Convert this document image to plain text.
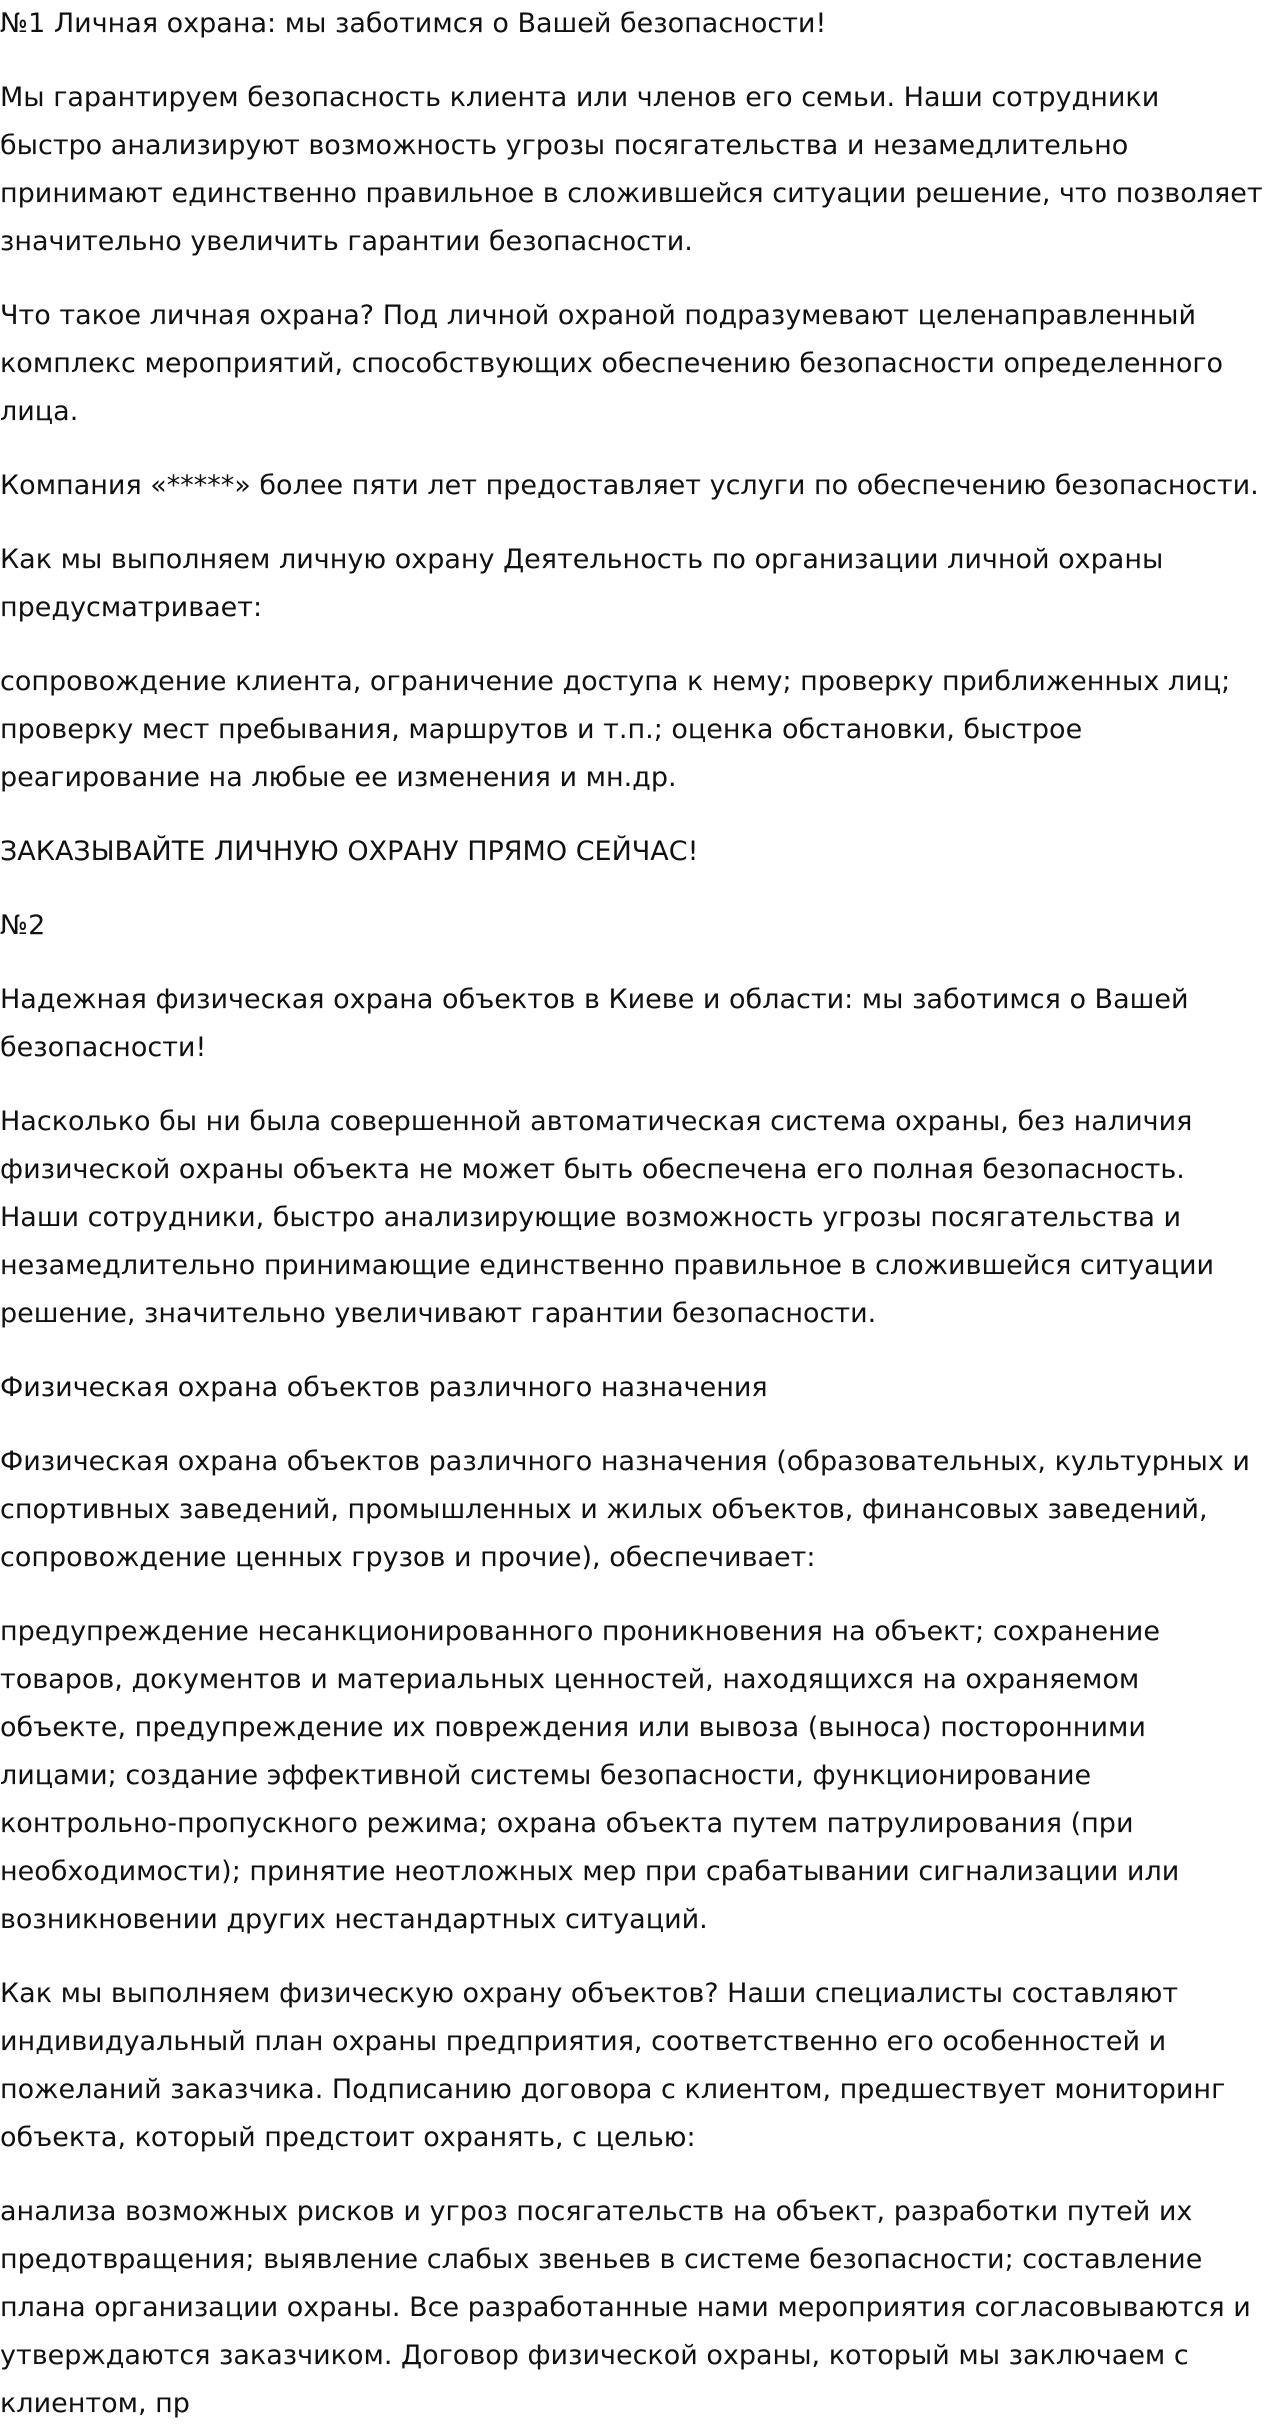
№1 Личная охрана: мы заботимся о Вашей безопасности!

Мы гарантируем безопасность клиента или членов его семьи. Наши сотрудники быстро анализируют возможность угрозы посягательства и незамедлительно принимают единственно правильное в сложившейся ситуации решение, что позволяет значительно увеличить гарантии безопасности.

Что такое личная охрана? Под личной охраной подразумевают целенаправленный комплекс мероприятий, способствующих обеспечению безопасности определенного лица.

Компания «*****» более пяти лет предоставляет услуги по обеспечению безопасности.

Как мы выполняем личную охрану Деятельность по организации личной охраны предусматривает:

сопровождение клиента, ограничение доступа к нему; проверку приближенных лиц; проверку мест пребывания, маршрутов и т.п.; оценка обстановки, быстрое реагирование на любые ее изменения и мн.др.

ЗАКАЗЫВАЙТЕ ЛИЧНУЮ ОХРАНУ ПРЯМО СЕЙЧАС!

№2

Надежная физическая охрана объектов в Киеве и области: мы заботимся о Вашей безопасности!

Насколько бы ни была совершенной автоматическая система охраны, без наличия физической охраны объекта не может быть обеспечена его полная безопасность. Наши сотрудники, быстро анализирующие возможность угрозы посягательства и незамедлительно принимающие единственно правильное в сложившейся ситуации решение, значительно увеличивают гарантии безопасности.

Физическая охрана объектов различного назначения

Физическая охрана объектов различного назначения (образовательных, культурных и спортивных заведений, промышленных и жилых объектов, финансовых заведений, сопровождение ценных грузов и прочие), обеспечивает:

предупреждение несанкционированного проникновения на объект; сохранение товаров, документов и материальных ценностей, находящихся на охраняемом объекте, предупреждение их повреждения или вывоза (выноса) посторонними лицами; создание эффективной системы безопасности, функционирование контрольно-пропускного режима; охрана объекта путем патрулирования (при необходимости); принятие неотложных мер при срабатывании сигнализации или возникновении других нестандартных ситуаций.

Как мы выполняем физическую охрану объектов? Наши специалисты составляют индивидуальный план охраны предприятия, соответственно его особенностей и пожеланий заказчика. Подписанию договора с клиентом, предшествует мониторинг объекта, который предстоит охранять, с целью:

анализа возможных рисков и угроз посягательств на объект, разработки путей их предотвращения; выявление слабых звеньев в системе безопасности; составление плана организации охраны. Все разработанные нами мероприятия согласовываются и утверждаются заказчиком. Договор физической охраны, который мы заключаем с клиентом, пр
